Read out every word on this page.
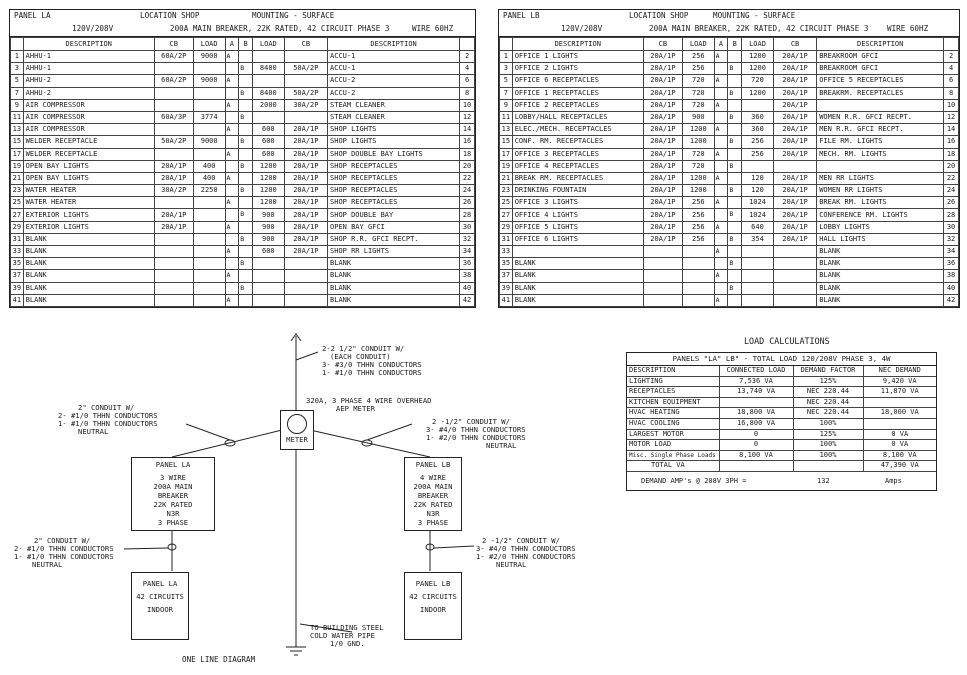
PANEL LA	LOCATION SHOP	MOUNTING - SURFACE
120V/208V	200A MAIN BREAKER, 22K RATED, 42 CIRCUIT PHASE 3	WIRE 60HZ
	DESCRIPTION	CB	LOAD	A	B	LOAD	CB	DESCRIPTION	
1	AHHU-1	60A/2P	9000	A				ACCU-1	2
3	AHHU-1				B	8400	50A/2P	ACCU-1	4
5	AHHU-2	60A/2P	9000	A				ACCU-2	6
7	AHHU-2				B	8400	50A/2P	ACCU-2	8
9	AIR COMPRESSOR			A		2000	30A/2P	STEAM CLEANER	10
11	AIR COMPRESSOR	60A/3P	3774		B			STEAM CLEANER	12
13	AIR COMPRESSOR			A		600	20A/1P	SHOP LIGHTS	14
15	WELDER RECEPTACLE	50A/2P	9000		B	600	20A/1P	SHOP LIGHTS	16
17	WELDER RECEPTACLE			A		600	20A/1P	SHOP DOUBLE BAY LIGHTS	18
19	OPEN BAY LIGHTS	20A/1P	400		B	1200	20A/1P	SHOP RECEPTACLES	20
21	OPEN BAY LIGHTS	20A/1P	400	A		1200	20A/1P	SHOP RECEPTACLES	22
23	WATER HEATER	30A/2P	2250		B	1200	20A/1P	SHOP RECEPTACLES	24
25	WATER HEATER			A		1200	20A/1P	SHOP RECEPTACLES	26
27	EXTERIOR LIGHTS	20A/1P			B	900	20A/1P	SHOP DOUBLE BAY	28
29	EXTERIOR LIGHTS	20A/1P		A		900	20A/1P	OPEN BAY GFCI	30
31	BLANK				B	900	20A/1P	SHOP R.R. GFCI RECPT.	32
33	BLANK			A		600	20A/1P	SHOP RR LIGHTS	34
35	BLANK				B			BLANK	36
37	BLANK			A				BLANK	38
39	BLANK				B			BLANK	40
41	BLANK			A				BLANK	42
PANEL LB	LOCATION SHOP	MOUNTING - SURFACE
120V/208V	200A MAIN BREAKER, 22K RATED, 42 CIRCUIT PHASE 3 WIRE 60HZ
	DESCRIPTION	CB	LOAD	A	B	LOAD	CB	DESCRIPTION	
1	OFFICE 1 LIGHTS	20A/1P	256	A		1200	20A/1P	BREAKROOM GFCI	2
3	OFFICE 2 LIGHTS	20A/1P	256		B	1200	20A/1P	BREAKROOM GFCI	4
5	OFFICE 6 RECEPTACLES	20A/1P	720	A		720	20A/1P	OFFICE 5 RECEPTACLES	6
7	OFFICE 1 RECEPTACLES	20A/1P	720		B	1200	20A/1P	BREAKRM. RECEPTACLES	8
9	OFFICE 2 RECEPTACLES	20A/1P	720	A			20A/1P		10
11	LOBBY/HALL RECEPTACLES	20A/1P	900		B	360	20A/1P	WOMEN R.R. GFCI RECPT.	12
13	ELEC./MECH. RECEPTACLES	20A/1P	1200	A		360	20A/1P	MEN R.R. GFCI RECPT.	14
15	CONF. RM. RECEPTACLES	20A/1P	1200		B	256	20A/1P	FILE RM. LIGHTS	16
17	OFFICE 3 RECEPTACLES	20A/1P	720	A		256	20A/1P	MECH. RM. LIGHTS	18
19	OFFICE 4 RECEPTACLES	20A/1P	720		B				20
21	BREAK RM. RECEPTACLES	20A/1P	1200	A		120	20A/1P	MEN RR LIGHTS	22
23	DRINKING FOUNTAIN	20A/1P	1200		B	120	20A/1P	WOMEN RR LIGHTS	24
25	OFFICE 3 LIGHTS	20A/1P	256	A		1024	20A/1P	BREAK RM. LIGHTS	26
27	OFFICE 4 LIGHTS	20A/1P	256		B	1024	20A/1P	CONFERENCE RM. LIGHTS	28
29	OFFICE 5 LIGHTS	20A/1P	256	A		640	20A/1P	LOBBY LIGHTS	30
31	OFFICE 6 LIGHTS	20A/1P	256		B	354	20A/1P	HALL LIGHTS	32
33				A				BLANK	34
35	BLANK				B			BLANK	36
37	BLANK			A				BLANK	38
39	BLANK				B			BLANK	40
41	BLANK			A				BLANK	42
LOAD CALCULATIONS
PANELS "LA" LB" - TOTAL LOAD 120/208V PHASE 3, 4W
DESCRIPTION	CONNECTED LOAD	DEMAND FACTOR	NEC DEMAND
LIGHTING	7,536 VA	125%	9,420 VA
RECEPTACLES	13,740 VA	NEC 220.44	11,870 VA
KITCHEN EQUIPMENT		NEC 220.44	
HVAC HEATING	18,800 VA	NEC 220.44	18,000 VA
HVAC COOLING	16,800 VA	100%	
LARGEST MOTOR	0	125%	0 VA
MOTOR LOAD	0	100%	0 VA
Misc. Single Phase Loads	8,100 VA	100%	8,100 VA
TOTAL VA			47,390 VA
DEMAND AMP's @ 208V 3PH =	132	Amps
METER
2-2 1/2" CONDUIT W/
(EACH CONDUIT)
3- #3/0 THHN CONDUCTORS
1- #1/0 THHN CONDUCTORS
320A, 3 PHASE 4 WIRE OVERHEAD
AEP METER
2" CONDUIT W/
2- #1/0 THHN CONDUCTORS
1- #1/0 THHN CONDUCTORS
NEUTRAL
2 -1/2" CONDUIT W/
3- #4/0 THHN CONDUCTORS
1- #2/0 THHN CONDUCTORS
NEUTRAL
PANEL LA
3 WIRE
200A MAIN
BREAKER
22K RATED
N3R
3 PHASE
PANEL LB
4 WIRE
200A MAIN
BREAKER
22K RATED
N3R
3 PHASE
2" CONDUIT W/
2- #1/0 THHN CONDUCTORS
1- #1/0 THHN CONDUCTORS
NEUTRAL
2 -1/2" CONDUIT W/
3- #4/0 THHN CONDUCTORS
1- #2/0 THHN CONDUCTORS
NEUTRAL
PANEL LA
42 CIRCUITS
INDOOR
PANEL LB
42 CIRCUITS
INDOOR
TO BUILDING STEEL
COLD WATER PIPE
1/0 GND.
ONE LINE DIAGRAM
